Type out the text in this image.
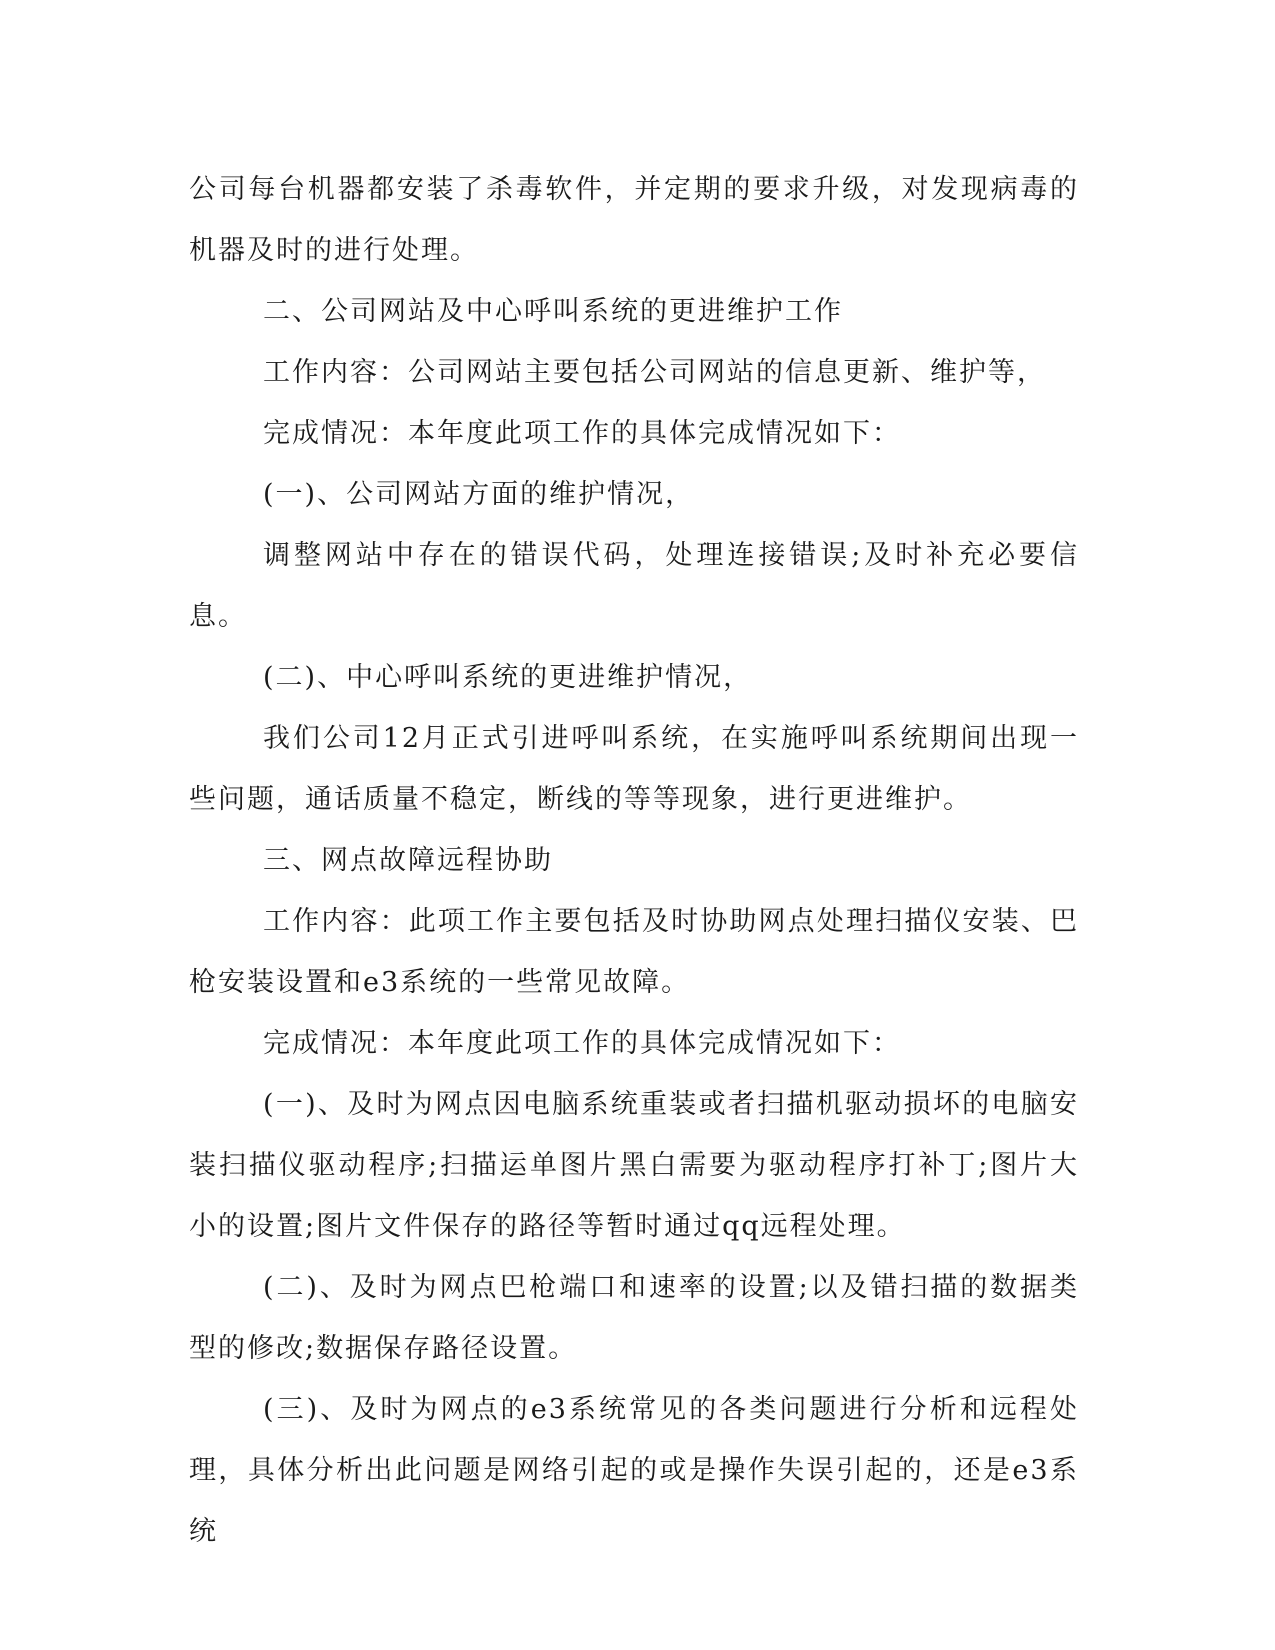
公司每台机器都安装了杀毒软件，并定期的要求升级，对发现病毒的机器及时的进行处理。

二、公司网站及中心呼叫系统的更进维护工作

工作内容：公司网站主要包括公司网站的信息更新、维护等，

完成情况：本年度此项工作的具体完成情况如下：

(一)、公司网站方面的维护情况，

调整网站中存在的错误代码，处理连接错误;及时补充必要信息。

(二)、中心呼叫系统的更进维护情况，

我们公司12月正式引进呼叫系统，在实施呼叫系统期间出现一些问题，通话质量不稳定，断线的等等现象，进行更进维护。

三、网点故障远程协助

工作内容：此项工作主要包括及时协助网点处理扫描仪安装、巴枪安装设置和e3系统的一些常见故障。

完成情况：本年度此项工作的具体完成情况如下：

(一)、及时为网点因电脑系统重装或者扫描机驱动损坏的电脑安装扫描仪驱动程序;扫描运单图片黑白需要为驱动程序打补丁;图片大小的设置;图片文件保存的路径等暂时通过qq远程处理。

(二)、及时为网点巴枪端口和速率的设置;以及错扫描的数据类型的修改;数据保存路径设置。

(三)、及时为网点的e3系统常见的各类问题进行分析和远程处理，具体分析出此问题是网络引起的或是操作失误引起的，还是e3系统
